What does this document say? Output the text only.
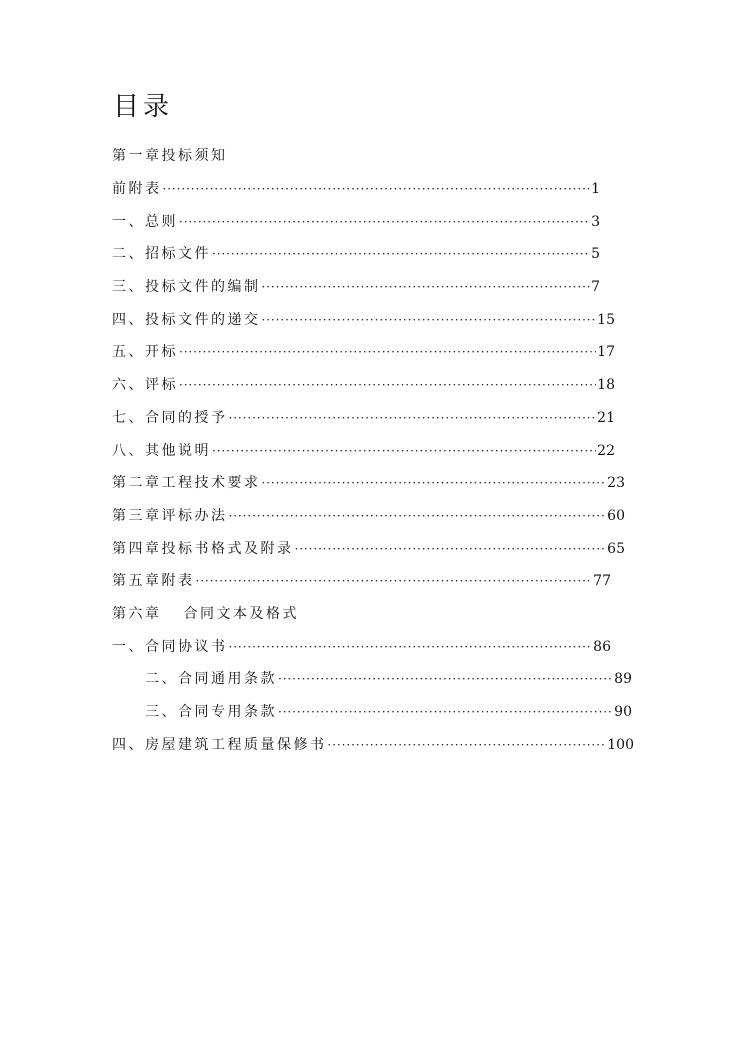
目录
第一章投标须知
前附表 ·····	1
一、总则 ·····	3
二、招标文件 ·····	5
三、投标文件的编制 ·····	7
四、投标文件的递交 ·····	15
五、开标 ·····	17
六、评标 ·····	18
七、合同的授予 ·····	21
八、其他说明 ·····	22
第二章工程技术要求 ·····	23
第三章评标办法 ·····	60
第四章投标书格式及附录 ·····	65
第五章附表 ·····	77
第六章 合同文本及格式
一、合同协议书 ·····	86
二、合同通用条款 ·····	89
三、合同专用条款 ·····	90
四、房屋建筑工程质量保修书 ·····	100
